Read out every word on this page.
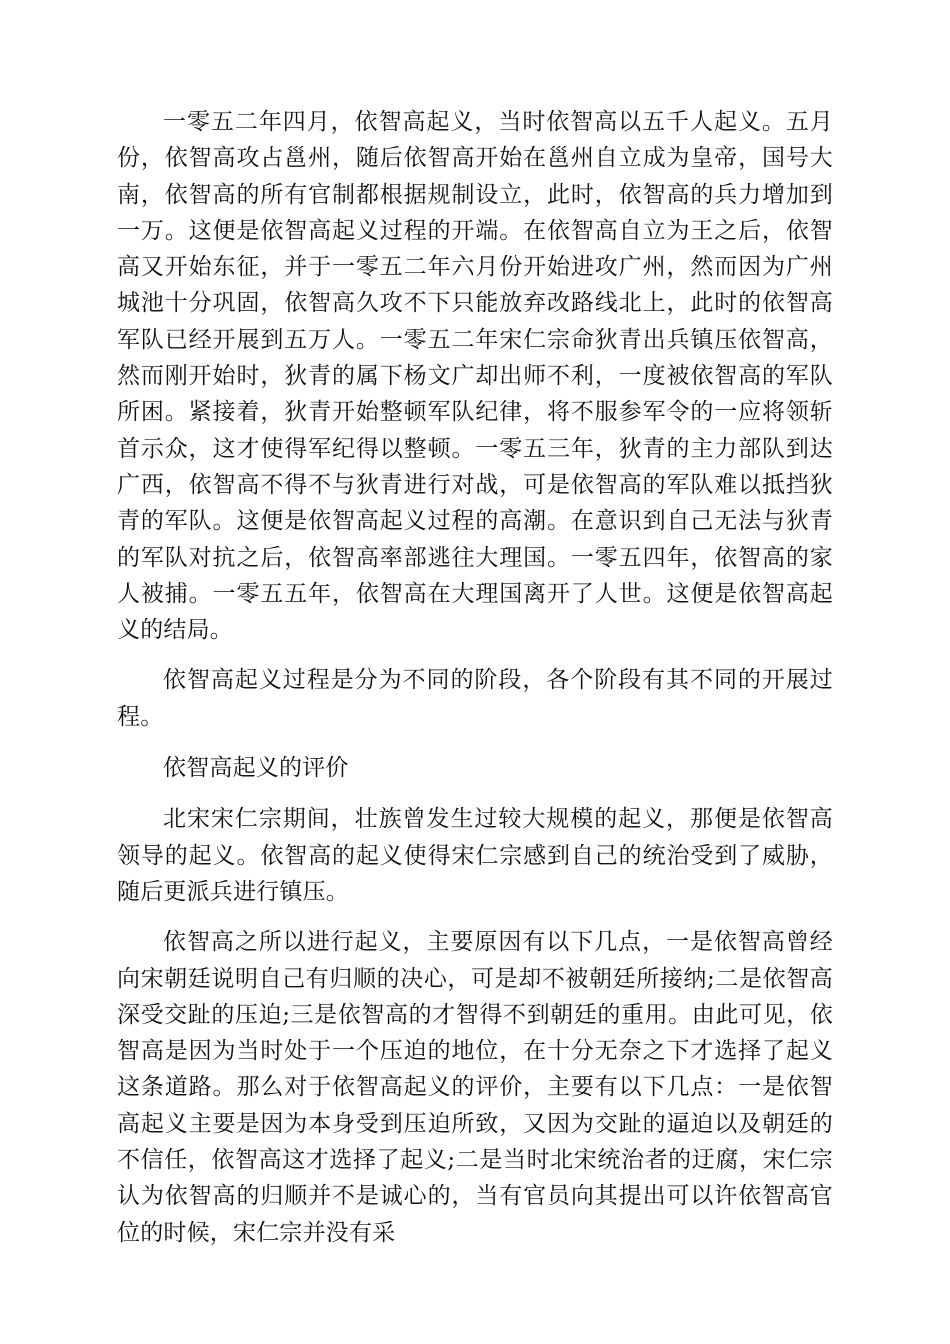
一零五二年四月，依智高起义，当时依智高以五千人起义。五月份，依智高攻占邕州，随后依智高开始在邕州自立成为皇帝，国号大南，依智高的所有官制都根据规制设立，此时，依智高的兵力增加到一万。这便是依智高起义过程的开端。在依智高自立为王之后，依智高又开始东征，并于一零五二年六月份开始进攻广州，然而因为广州城池十分巩固，依智高久攻不下只能放弃改路线北上，此时的依智高军队已经开展到五万人。一零五二年宋仁宗命狄青出兵镇压依智高，然而刚开始时，狄青的属下杨文广却出师不利，一度被依智高的军队所困。紧接着，狄青开始整顿军队纪律，将不服参军令的一应将领斩首示众，这才使得军纪得以整顿。一零五三年，狄青的主力部队到达广西，依智高不得不与狄青进行对战，可是依智高的军队难以抵挡狄青的军队。这便是依智高起义过程的高潮。在意识到自己无法与狄青的军队对抗之后，依智高率部逃往大理国。一零五四年，依智高的家人被捕。一零五五年，依智高在大理国离开了人世。这便是依智高起义的结局。

依智高起义过程是分为不同的阶段，各个阶段有其不同的开展过程。

依智高起义的评价

北宋宋仁宗期间，壮族曾发生过较大规模的起义，那便是依智高领导的起义。依智高的起义使得宋仁宗感到自己的统治受到了威胁，随后更派兵进行镇压。

依智高之所以进行起义，主要原因有以下几点，一是依智高曾经向宋朝廷说明自己有归顺的决心，可是却不被朝廷所接纳;二是依智高深受交趾的压迫;三是依智高的才智得不到朝廷的重用。由此可见，依智高是因为当时处于一个压迫的地位，在十分无奈之下才选择了起义这条道路。那么对于依智高起义的评价，主要有以下几点：一是依智高起义主要是因为本身受到压迫所致，又因为交趾的逼迫以及朝廷的不信任，依智高这才选择了起义;二是当时北宋统治者的迂腐，宋仁宗认为依智高的归顺并不是诚心的，当有官员向其提出可以许依智高官位的时候，宋仁宗并没有采
